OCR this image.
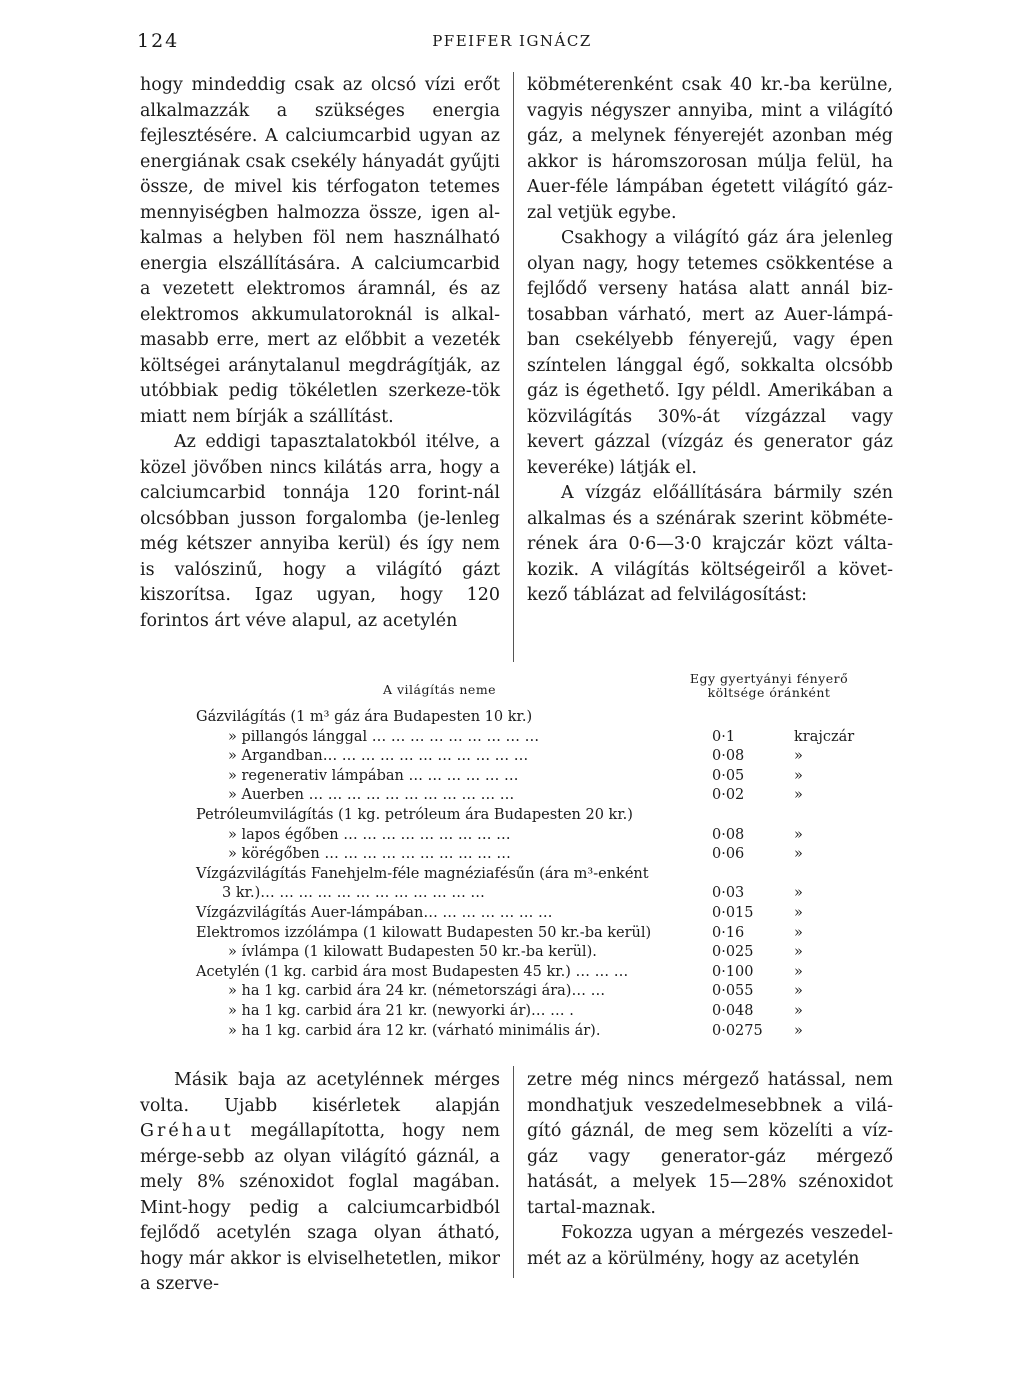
124	PFEIFER IGNÁCZ

hogy mindeddig csak az olcsó vízi erőt alkalmazzák a szükséges energia fejlesztésére. A calciumcarbid ugyan az energiának csak csekély hányadát gyűjti össze, de mivel kis térfogaton tetemes mennyiségben halmozza össze, igen al-kalmas a helyben föl nem használható energia elszállítására. A calciumcarbid a vezetett elektromos áramnál, és az elektromos akkumulatoroknál is alkal-masabb erre, mert az előbbit a vezeték költségei aránytalanul megdrágítják, az utóbbiak pedig tökéletlen szerkeze-tök miatt nem bírják a szállítást.

Az eddigi tapasztalatokból itélve, a közel jövőben nincs kilátás arra, hogy a calciumcarbid tonnája 120 forint-nál olcsóbban jusson forgalomba (je-lenleg még kétszer annyiba kerül) és így nem is valószinű, hogy a világító gázt kiszorítsa. Igaz ugyan, hogy 120 forintos árt véve alapul, az acetylén

köbméterenként csak 40 kr.-ba kerülne, vagyis négyszer annyiba, mint a világító gáz, a melynek fényerejét azonban még akkor is háromszorosan múlja felül, ha Auer-féle lámpában égetett világító gáz-zal vetjük egybe.

Csakhogy a világító gáz ára jelenleg olyan nagy, hogy tetemes csökkentése a fejlődő verseny hatása alatt annál biz-tosabban várható, mert az Auer-lámpá-ban csekélyebb fényerejű, vagy épen színtelen lánggal égő, sokkalta olcsóbb gáz is égethető. Igy példl. Amerikában a közvilágítás 30%-át vízgázzal vagy kevert gázzal (vízgáz és generator gáz keveréke) látják el.

A vízgáz előállítására bármily szén alkalmas és a szénárak szerint köbméte-rének ára 0·6—3·0 krajczár közt válta-kozik. A világítás költségeiről a követ-kező táblázat ad felvilágosítást:

A világítás neme
Egy gyertyányi fényerő
költsége óránként
Gázvilágítás (1 m³ gáz ára Budapesten 10 kr.)
» pillangós lánggal … … … … … … … … …	0·1	krajczár
» Argandban… … … … … … … … … … …	0·08	»
» regenerativ lámpában … … … … … …	0·05	»
» Auerben … … … … … … … … … … …	0·02	»
Petróleumvilágítás (1 kg. petróleum ára Budapesten 20 kr.)
» lapos égőben … … … … … … … … …	0·08	»
» körégőben … … … … … … … … … …	0·06	»
Vízgázvilágítás Fanehjelm-féle magnéziafésűn (ára m³-enként
3 kr.)… … … … … … … … … … … …	0·03	»
Vízgázvilágítás Auer-lámpában… … … … … … …	0·015	»
Elektromos izzólámpa (1 kilowatt Budapesten 50 kr.-ba kerül)	0·16	»
» ívlámpa (1 kilowatt Budapesten 50 kr.-ba kerül).	0·025	»
Acetylén (1 kg. carbid ára most Budapesten 45 kr.) … … …	0·100	»
» ha 1 kg. carbid ára 24 kr. (németországi ára)… …	0·055	»
» ha 1 kg. carbid ára 21 kr. (newyorki ár)… … .	0·048	»
» ha 1 kg. carbid ára 12 kr. (várható minimális ár).	0·0275 »

Másik baja az acetylénnek mérges volta. Ujabb kisérletek alapján Gréhaut megállapította, hogy nem mérge-sebb az olyan világító gáznál, a mely 8% szénoxidot foglal magában. Mint-hogy pedig a calciumcarbidból fejlődő acetylén szaga olyan átható, hogy már akkor is elviselhetetlen, mikor a szerve-

zetre még nincs mérgező hatással, nem mondhatjuk veszedelmesebbnek a vilá-gító gáznál, de meg sem közelíti a víz-gáz vagy generator-gáz mérgező hatását, a melyek 15—28% szénoxidot tartal-maznak.

Fokozza ugyan a mérgezés veszedel-mét az a körülmény, hogy az acetylén
